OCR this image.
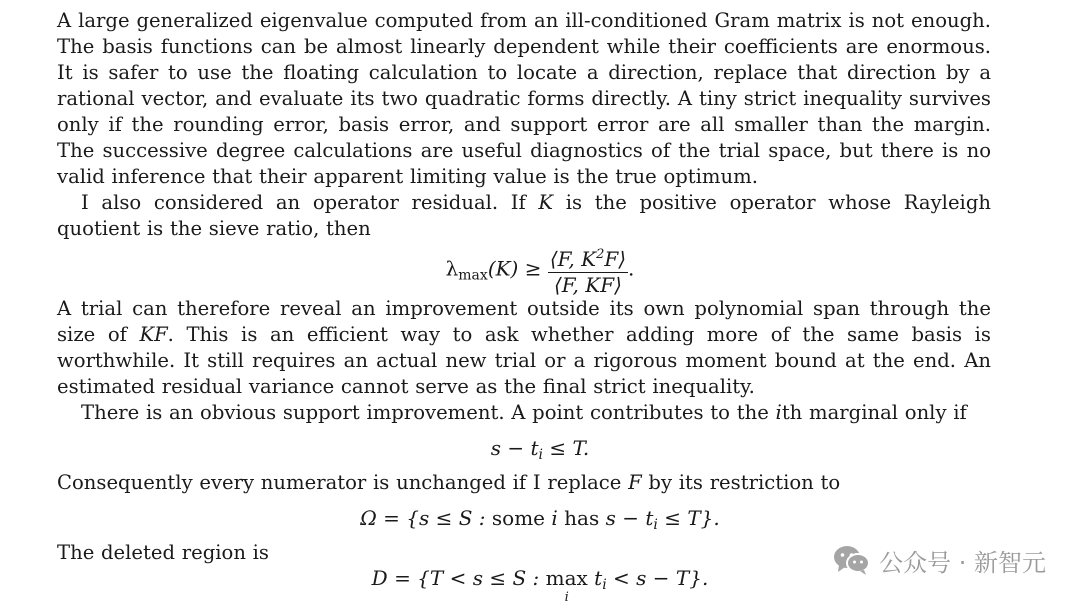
A large generalized eigenvalue computed from an ill-conditioned Gram matrix is not enough. The basis functions can be almost linearly dependent while their coefficients are enormous. It is safer to use the floating calculation to locate a direction, replace that direction by a rational vector, and evaluate its two quadratic forms directly. A tiny strict inequality survives only if the rounding error, basis error, and support error are all smaller than the margin. The successive degree calculations are useful diagnostics of the trial space, but there is no valid inference that their apparent limiting value is the true optimum.

I also considered an operator residual. If K is the positive operator whose Rayleigh quotient is the sieve ratio, then

$\lambda_{max}(K) \ge \frac{⟨F, K^2F⟩}{⟨F, KF⟩}$ .

A trial can therefore reveal an improvement outside its own polynomial span through the size of KF. This is an efficient way to ask whether adding more of the same basis is worthwhile. It still requires an actual new trial or a rigorous moment bound at the end. An estimated residual variance cannot serve as the final strict inequality.

There is an obvious support improvement. A point contributes to the ith marginal only if

$s - t_i \le T$.

Consequently every numerator is unchanged if I replace F by its restriction to

Ω = {s ≤ S : some i has $s - t_i \le T$}.

The deleted region is

D = {T < s ≤ S : max
i
$t_i < s - T$}.
公众号 · 新智元
